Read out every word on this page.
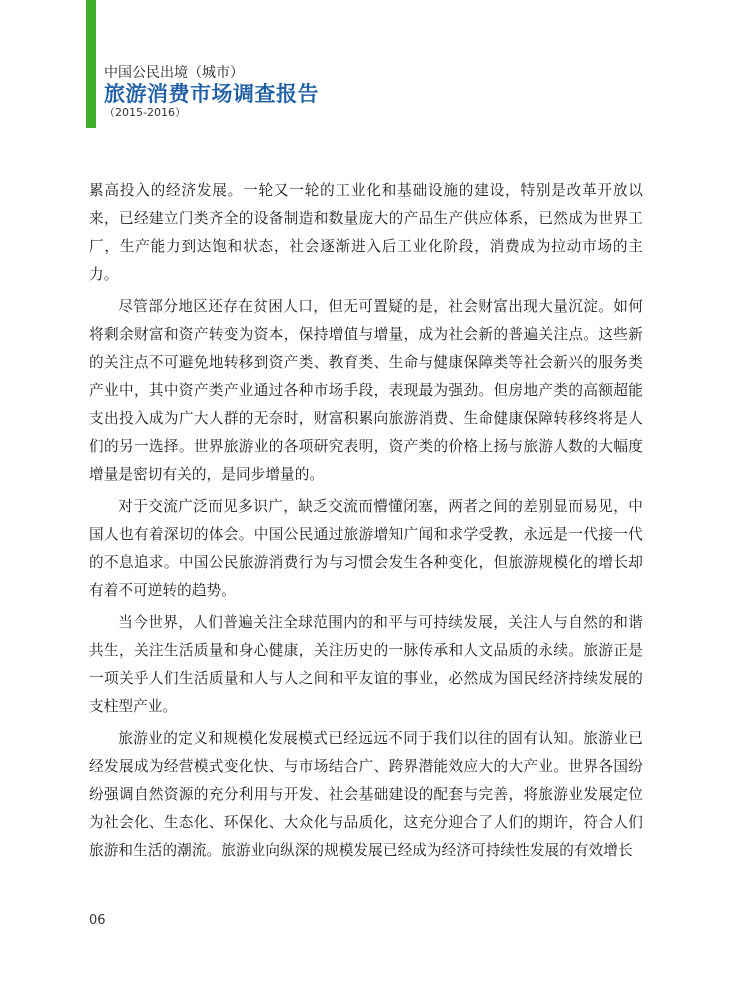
中国公民出境（城市）

旅游消费市场调查报告

（2015-2016）

累高投入的经济发展。一轮又一轮的工业化和基础设施的建设，特别是改革开放以来，已经建立门类齐全的设备制造和数量庞大的产品生产供应体系，已然成为世界工厂，生产能力到达饱和状态，社会逐渐进入后工业化阶段，消费成为拉动市场的主力。

尽管部分地区还存在贫困人口，但无可置疑的是，社会财富出现大量沉淀。如何将剩余财富和资产转变为资本，保持增值与增量，成为社会新的普遍关注点。这些新的关注点不可避免地转移到资产类、教育类、生命与健康保障类等社会新兴的服务类产业中，其中资产类产业通过各种市场手段，表现最为强劲。但房地产类的高额超能支出投入成为广大人群的无奈时，财富积累向旅游消费、生命健康保障转移终将是人们的另一选择。世界旅游业的各项研究表明，资产类的价格上扬与旅游人数的大幅度增量是密切有关的，是同步增量的。

对于交流广泛而见多识广，缺乏交流而懵懂闭塞，两者之间的差别显而易见，中国人也有着深切的体会。中国公民通过旅游增知广闻和求学受教，永远是一代接一代的不息追求。中国公民旅游消费行为与习惯会发生各种变化，但旅游规模化的增长却有着不可逆转的趋势。

当今世界，人们普遍关注全球范围内的和平与可持续发展，关注人与自然的和谐共生，关注生活质量和身心健康，关注历史的一脉传承和人文品质的永续。旅游正是一项关乎人们生活质量和人与人之间和平友谊的事业，必然成为国民经济持续发展的支柱型产业。

旅游业的定义和规模化发展模式已经远远不同于我们以往的固有认知。旅游业已经发展成为经营模式变化快、与市场结合广、跨界潜能效应大的大产业。世界各国纷纷强调自然资源的充分利用与开发、社会基础建设的配套与完善，将旅游业发展定位为社会化、生态化、环保化、大众化与品质化，这充分迎合了人们的期许，符合人们旅游和生活的潮流。旅游业向纵深的规模发展已经成为经济可持续性发展的有效增长

06
